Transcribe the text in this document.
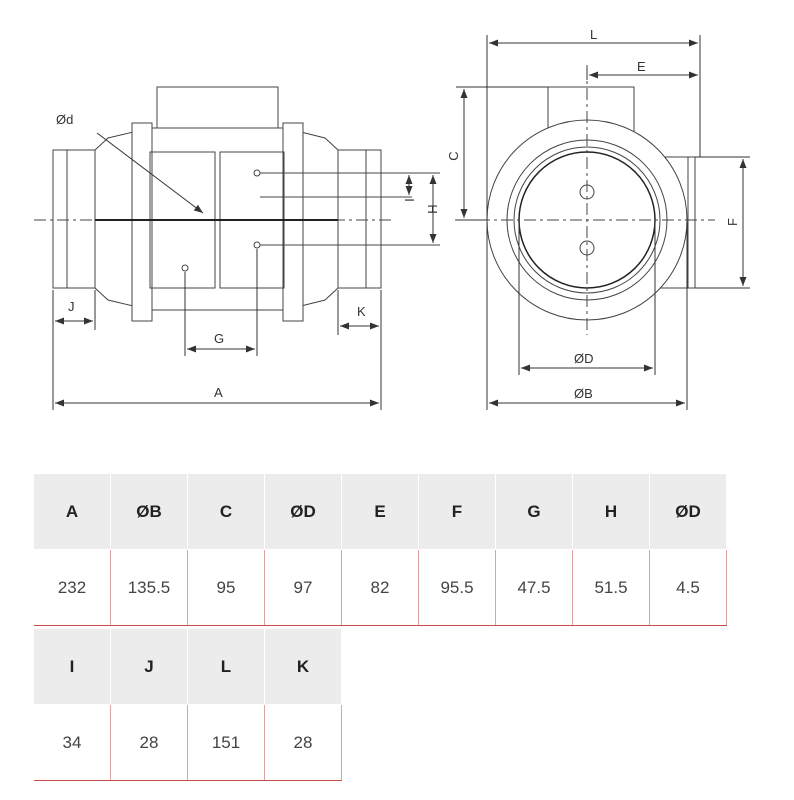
Ød
J	K
G
A
H
I
L
E
C
F
ØD
ØB
A	ØB	C	ØD	E	F	G	H	ØD
232	135.5	95	97	82	95.5	47.5	51.5	4.5
I	J	L	K
34	28	151	28
